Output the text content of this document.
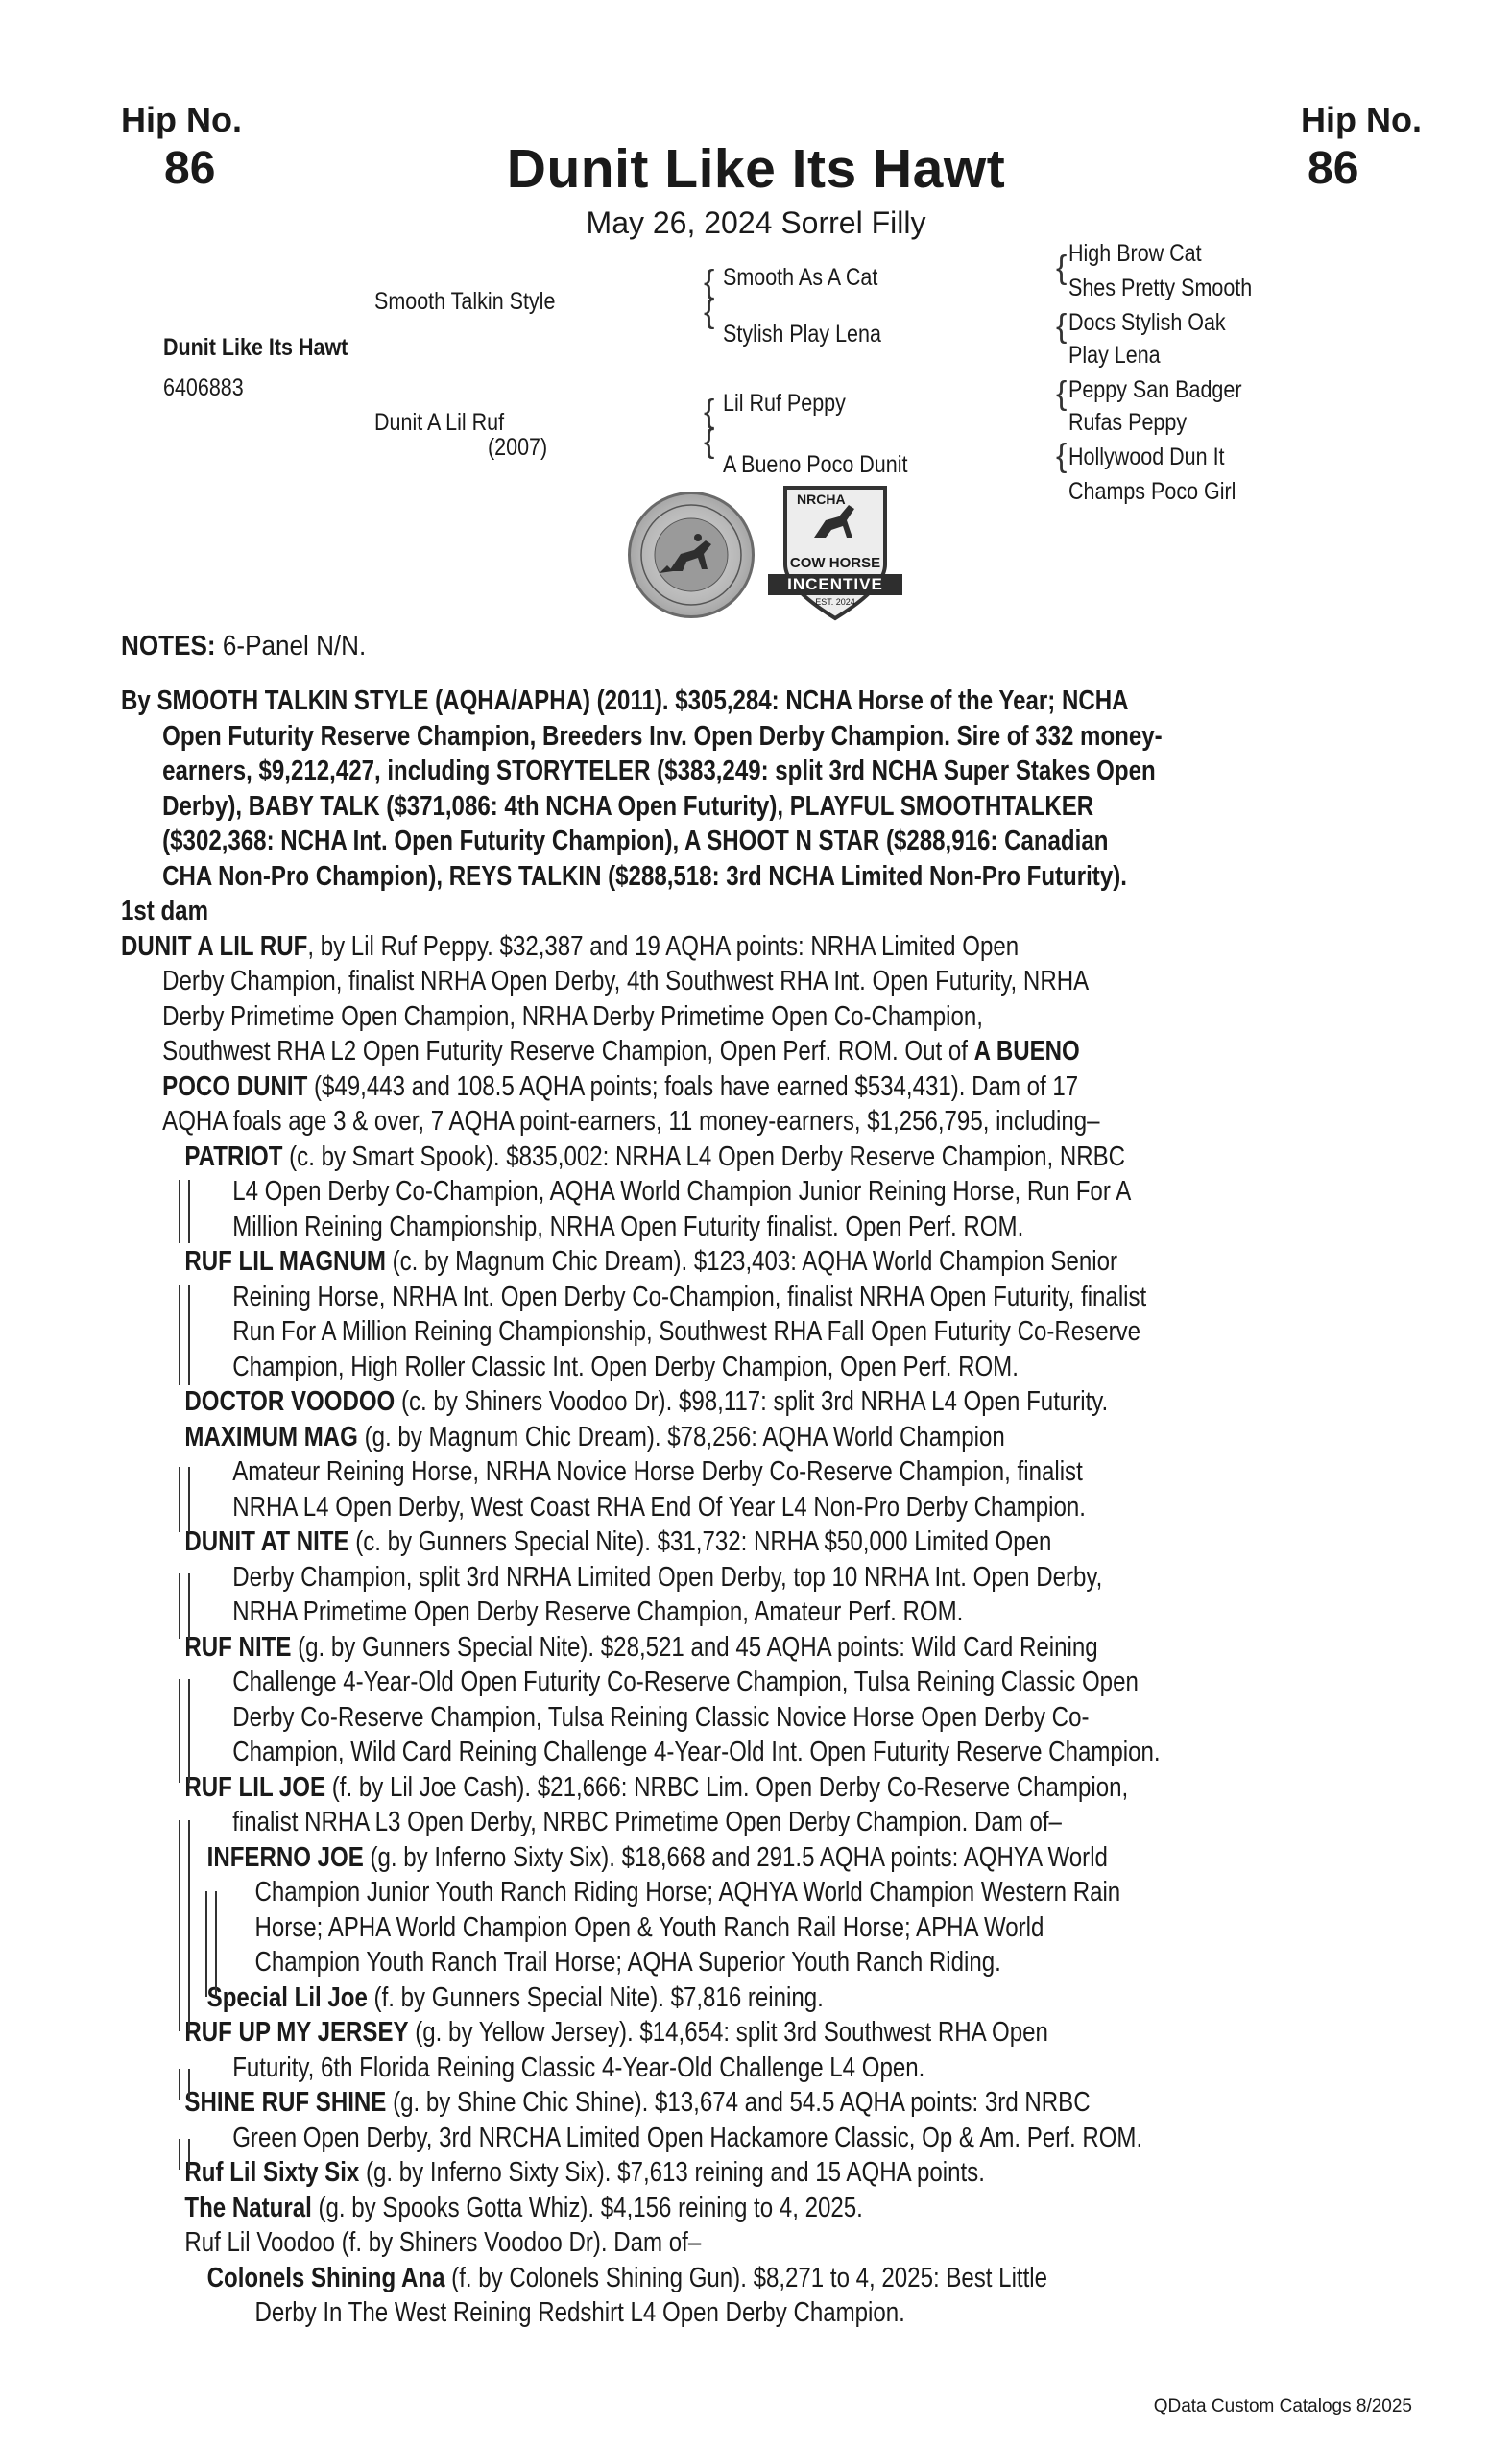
Hip No.
86
Hip No.
86
Dunit Like Its Hawt
May 26, 2024 Sorrel Filly
Dunit Like Its Hawt
6406883
Smooth Talkin Style
Dunit A Lil Ruf
(2007)
{
{
Smooth As A Cat
Stylish Play Lena
{
{
Lil Ruf Peppy
A Bueno Poco Dunit
{
{
{
{
High Brow Cat
Shes Pretty Smooth
Docs Stylish Oak
Play Lena
Peppy San Badger
Rufas Peppy
Hollywood Dun It
Champs Poco Girl
NRCHA
COW HORSE
INCENTIVE
EST. 2024
NOTES: 6-Panel N/N.
By SMOOTH TALKIN STYLE (AQHA/APHA) (2011). $305,284: NCHA Horse of the Year; NCHA
Open Futurity Reserve Champion, Breeders Inv. Open Derby Champion. Sire of 332 money-
earners, $9,212,427, including STORYTELER ($383,249: split 3rd NCHA Super Stakes Open
Derby), BABY TALK ($371,086: 4th NCHA Open Futurity), PLAYFUL SMOOTHTALKER
($302,368: NCHA Int. Open Futurity Champion), A SHOOT N STAR ($288,916: Canadian
CHA Non-Pro Champion), REYS TALKIN ($288,518: 3rd NCHA Limited Non-Pro Futurity).
1st dam
DUNIT A LIL RUF, by Lil Ruf Peppy. $32,387 and 19 AQHA points: NRHA Limited Open
Derby Champion, finalist NRHA Open Derby, 4th Southwest RHA Int. Open Futurity, NRHA
Derby Primetime Open Champion, NRHA Derby Primetime Open Co-Champion,
Southwest RHA L2 Open Futurity Reserve Champion, Open Perf. ROM. Out of A BUENO
POCO DUNIT ($49,443 and 108.5 AQHA points; foals have earned $534,431). Dam of 17
AQHA foals age 3 & over, 7 AQHA point-earners, 11 money-earners, $1,256,795, including–
PATRIOT (c. by Smart Spook). $835,002: NRHA L4 Open Derby Reserve Champion, NRBC
L4 Open Derby Co-Champion, AQHA World Champion Junior Reining Horse, Run For A
Million Reining Championship, NRHA Open Futurity finalist. Open Perf. ROM.
RUF LIL MAGNUM (c. by Magnum Chic Dream). $123,403: AQHA World Champion Senior
Reining Horse, NRHA Int. Open Derby Co-Champion, finalist NRHA Open Futurity, finalist
Run For A Million Reining Championship, Southwest RHA Fall Open Futurity Co-Reserve
Champion, High Roller Classic Int. Open Derby Champion, Open Perf. ROM.
DOCTOR VOODOO (c. by Shiners Voodoo Dr). $98,117: split 3rd NRHA L4 Open Futurity.
MAXIMUM MAG (g. by Magnum Chic Dream). $78,256: AQHA World Champion
Amateur Reining Horse, NRHA Novice Horse Derby Co-Reserve Champion, finalist
NRHA L4 Open Derby, West Coast RHA End Of Year L4 Non-Pro Derby Champion.
DUNIT AT NITE (c. by Gunners Special Nite). $31,732: NRHA $50,000 Limited Open
Derby Champion, split 3rd NRHA Limited Open Derby, top 10 NRHA Int. Open Derby,
NRHA Primetime Open Derby Reserve Champion, Amateur Perf. ROM.
RUF NITE (g. by Gunners Special Nite). $28,521 and 45 AQHA points: Wild Card Reining
Challenge 4-Year-Old Open Futurity Co-Reserve Champion, Tulsa Reining Classic Open
Derby Co-Reserve Champion, Tulsa Reining Classic Novice Horse Open Derby Co-
Champion, Wild Card Reining Challenge 4-Year-Old Int. Open Futurity Reserve Champion.
RUF LIL JOE (f. by Lil Joe Cash). $21,666: NRBC Lim. Open Derby Co-Reserve Champion,
finalist NRHA L3 Open Derby, NRBC Primetime Open Derby Champion. Dam of–
INFERNO JOE (g. by Inferno Sixty Six). $18,668 and 291.5 AQHA points: AQHYA World
Champion Junior Youth Ranch Riding Horse; AQHYA World Champion Western Rain
Horse; APHA World Champion Open & Youth Ranch Rail Horse; APHA World
Champion Youth Ranch Trail Horse; AQHA Superior Youth Ranch Riding.
Special Lil Joe (f. by Gunners Special Nite). $7,816 reining.
RUF UP MY JERSEY (g. by Yellow Jersey). $14,654: split 3rd Southwest RHA Open
Futurity, 6th Florida Reining Classic 4-Year-Old Challenge L4 Open.
SHINE RUF SHINE (g. by Shine Chic Shine). $13,674 and 54.5 AQHA points: 3rd NRBC
Green Open Derby, 3rd NRCHA Limited Open Hackamore Classic, Op & Am. Perf. ROM.
Ruf Lil Sixty Six (g. by Inferno Sixty Six). $7,613 reining and 15 AQHA points.
The Natural (g. by Spooks Gotta Whiz). $4,156 reining to 4, 2025.
Ruf Lil Voodoo (f. by Shiners Voodoo Dr). Dam of–
Colonels Shining Ana (f. by Colonels Shining Gun). $8,271 to 4, 2025: Best Little
Derby In The West Reining Redshirt L4 Open Derby Champion.
QData Custom Catalogs 8/2025
